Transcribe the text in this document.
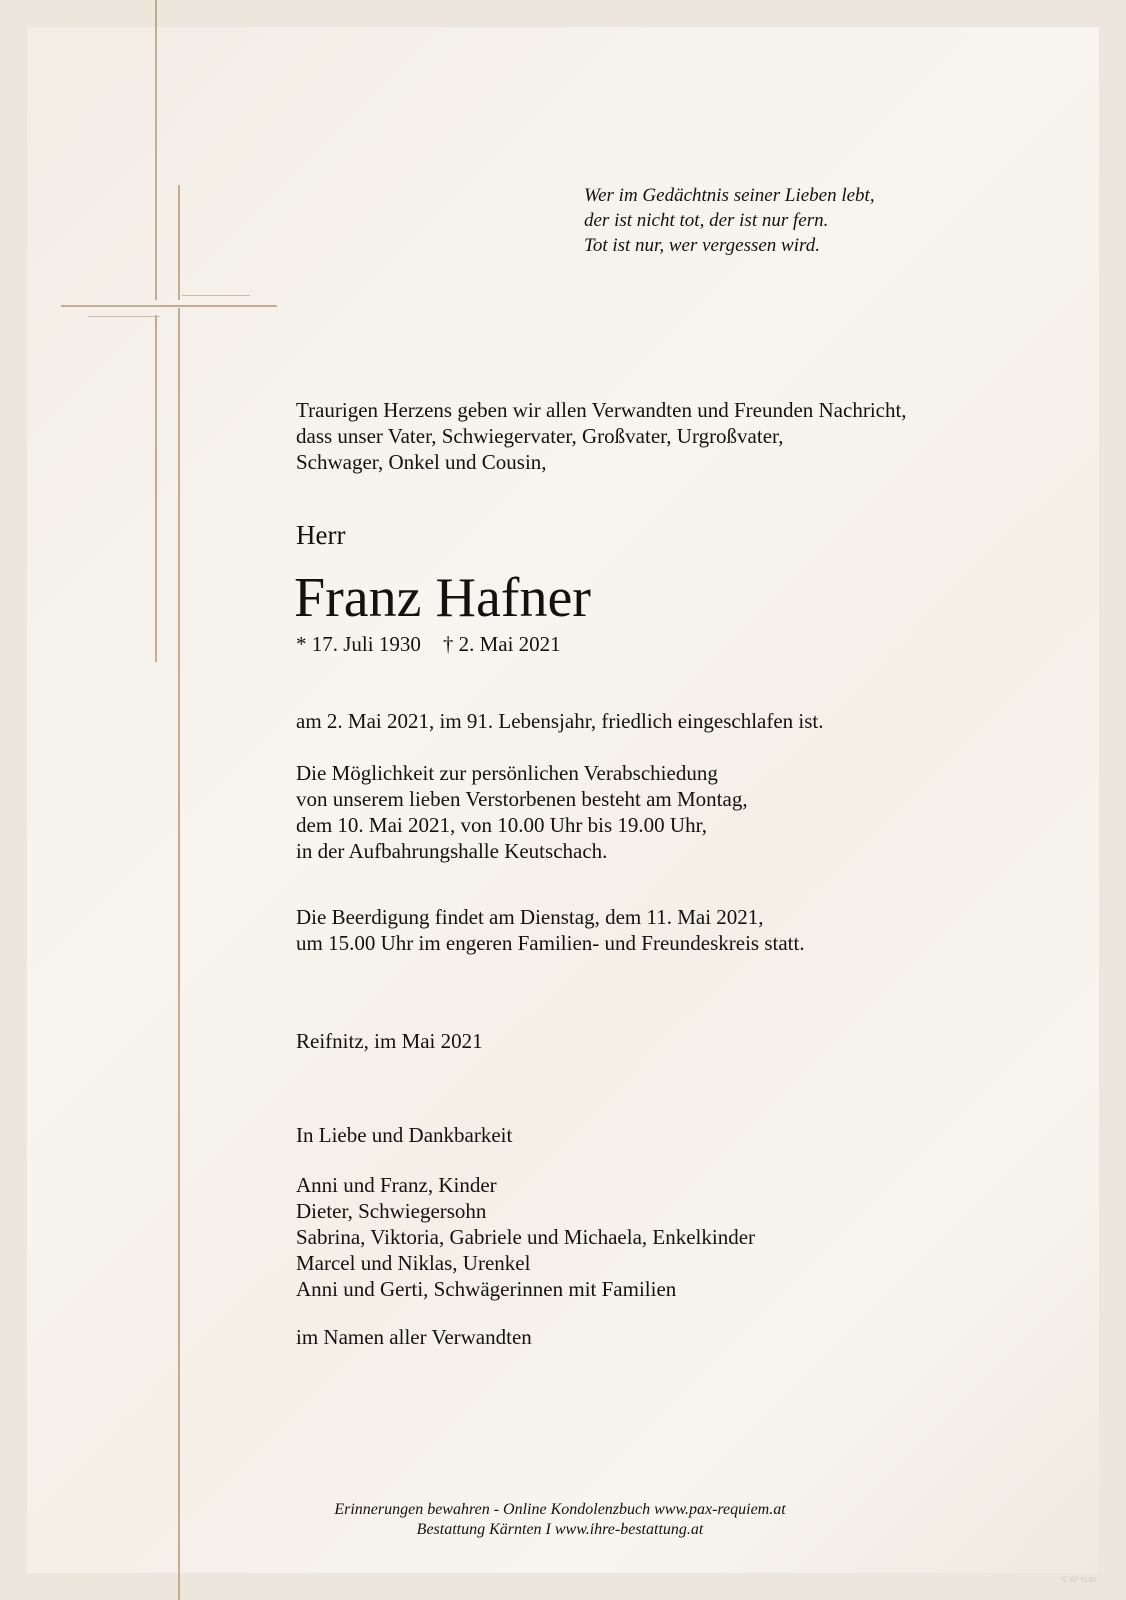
Wer im Gedächtnis seiner Lieben lebt,
der ist nicht tot, der ist nur fern.
Tot ist nur, wer vergessen wird.
Traurigen Herzens geben wir allen Verwandten und Freunden Nachricht,
dass unser Vater, Schwiegervater, Großvater, Urgroßvater,
Schwager, Onkel und Cousin,
Herr
Franz Hafner
* 17. Juli 1930 † 2. Mai 2021
am 2. Mai 2021, im 91. Lebensjahr, friedlich eingeschlafen ist.
Die Möglichkeit zur persönlichen Verabschiedung
von unserem lieben Verstorbenen besteht am Montag,
dem 10. Mai 2021, von 10.00 Uhr bis 19.00 Uhr,
in der Aufbahrungshalle Keutschach.
Die Beerdigung findet am Dienstag, dem 11. Mai 2021,
um 15.00 Uhr im engeren Familien- und Freundeskreis statt.
Reifnitz, im Mai 2021
In Liebe und Dankbarkeit
Anni und Franz, Kinder
Dieter, Schwiegersohn
Sabrina, Viktoria, Gabriele und Michaela, Enkelkinder
Marcel und Niklas, Urenkel
Anni und Gerti, Schwägerinnen mit Familien
im Namen aller Verwandten
Erinnerungen bewahren - Online Kondolenzbuch www.pax-requiem.at
Bestattung Kärnten I www.ihre-bestattung.at
© EP 9130
